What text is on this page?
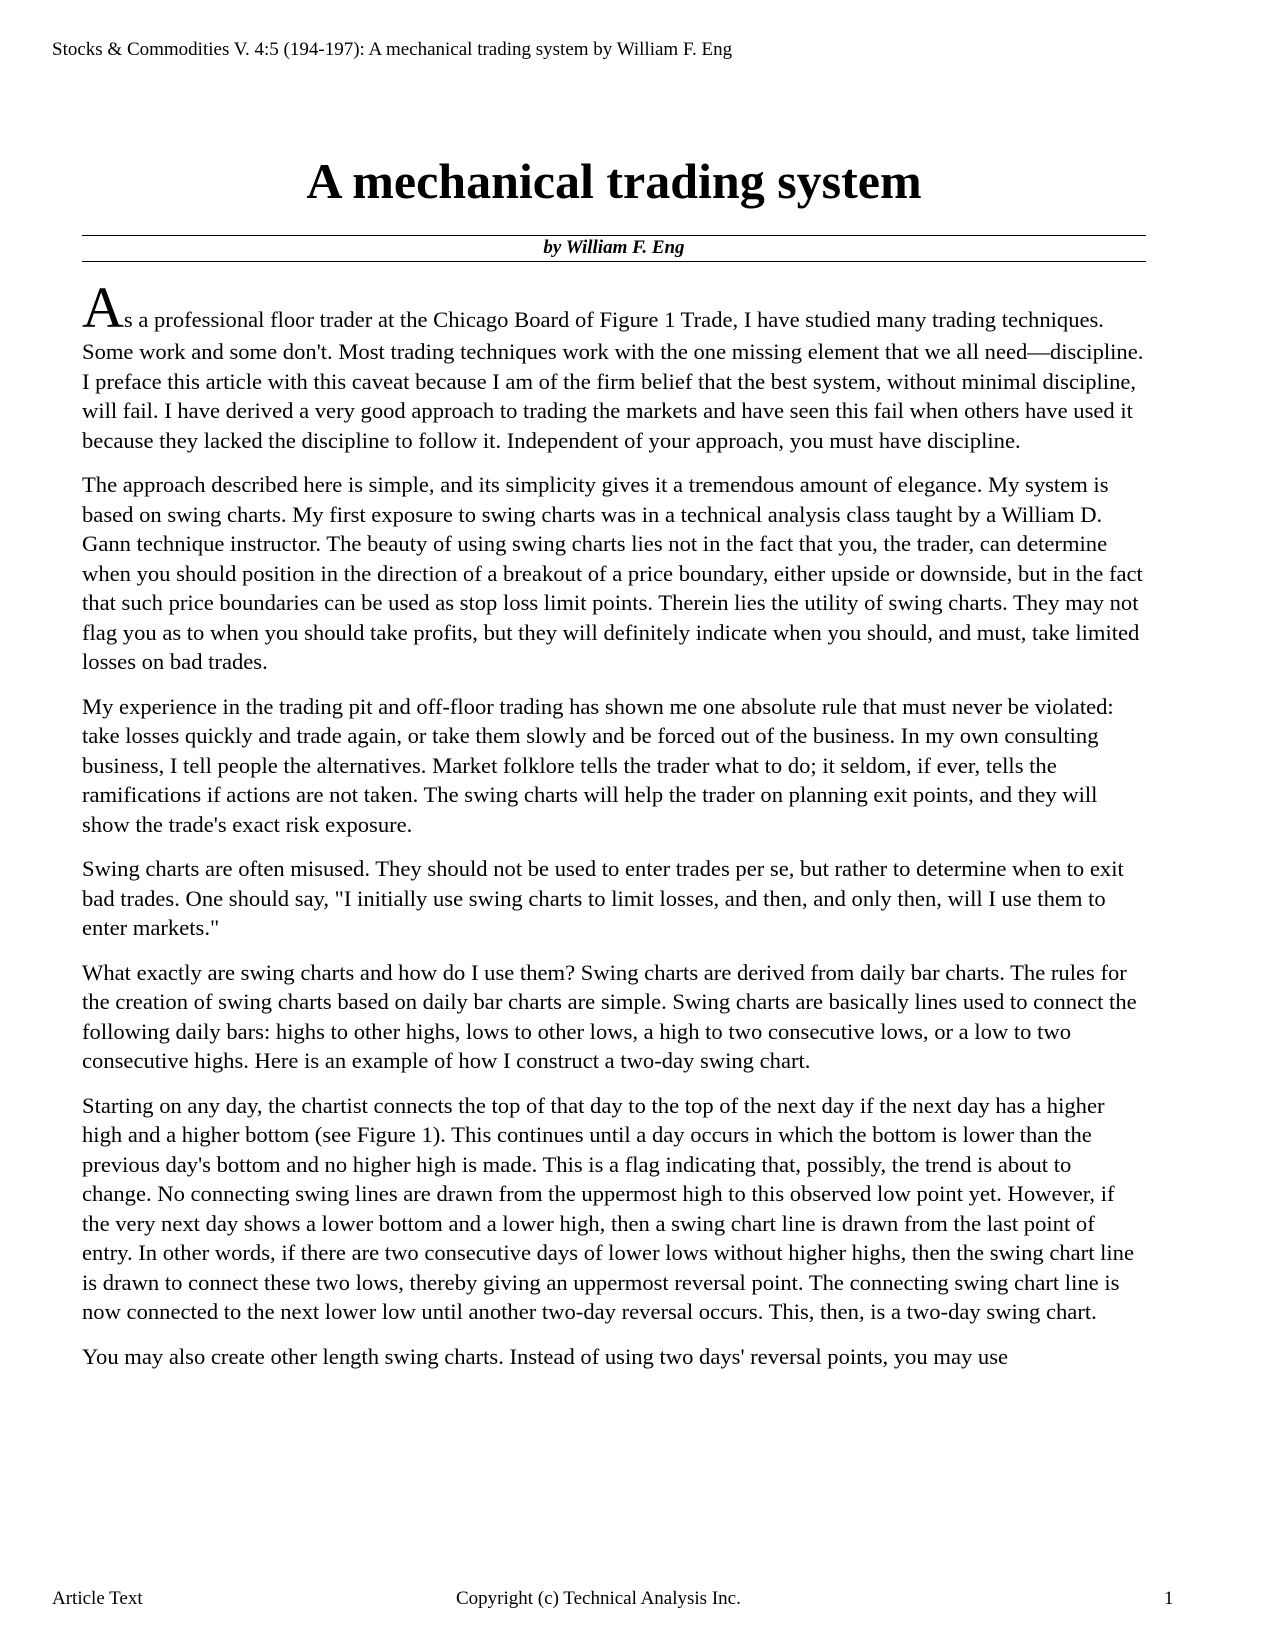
Stocks & Commodities V. 4:5 (194-197): A mechanical trading system by William F. Eng
A mechanical trading system
by William F. Eng

As a professional floor trader at the Chicago Board of Figure 1 Trade, I have studied many trading techniques. Some work and some don't. Most trading techniques work with the one missing element that we all need—discipline. I preface this article with this caveat because I am of the firm belief that the best system, without minimal discipline, will fail. I have derived a very good approach to trading the markets and have seen this fail when others have used it because they lacked the discipline to follow it. Independent of your approach, you must have discipline.

The approach described here is simple, and its simplicity gives it a tremendous amount of elegance. My system is based on swing charts. My first exposure to swing charts was in a technical analysis class taught by a William D. Gann technique instructor. The beauty of using swing charts lies not in the fact that you, the trader, can determine when you should position in the direction of a breakout of a price boundary, either upside or downside, but in the fact that such price boundaries can be used as stop loss limit points. Therein lies the utility of swing charts. They may not flag you as to when you should take profits, but they will definitely indicate when you should, and must, take limited losses on bad trades.

My experience in the trading pit and off-floor trading has shown me one absolute rule that must never be violated: take losses quickly and trade again, or take them slowly and be forced out of the business. In my own consulting business, I tell people the alternatives. Market folklore tells the trader what to do; it seldom, if ever, tells the ramifications if actions are not taken. The swing charts will help the trader on planning exit points, and they will show the trade's exact risk exposure.

Swing charts are often misused. They should not be used to enter trades per se, but rather to determine when to exit bad trades. One should say, "I initially use swing charts to limit losses, and then, and only then, will I use them to enter markets."

What exactly are swing charts and how do I use them? Swing charts are derived from daily bar charts. The rules for the creation of swing charts based on daily bar charts are simple. Swing charts are basically lines used to connect the following daily bars: highs to other highs, lows to other lows, a high to two consecutive lows, or a low to two consecutive highs. Here is an example of how I construct a two-day swing chart.

Starting on any day, the chartist connects the top of that day to the top of the next day if the next day has a higher high and a higher bottom (see Figure 1). This continues until a day occurs in which the bottom is lower than the previous day's bottom and no higher high is made. This is a flag indicating that, possibly, the trend is about to change. No connecting swing lines are drawn from the uppermost high to this observed low point yet. However, if the very next day shows a lower bottom and a lower high, then a swing chart line is drawn from the last point of entry. In other words, if there are two consecutive days of lower lows without higher highs, then the swing chart line is drawn to connect these two lows, thereby giving an uppermost reversal point. The connecting swing chart line is now connected to the next lower low until another two-day reversal occurs. This, then, is a two-day swing chart.

You may also create other length swing charts. Instead of using two days' reversal points, you may use

Article Text	Copyright (c) Technical Analysis Inc.	1
